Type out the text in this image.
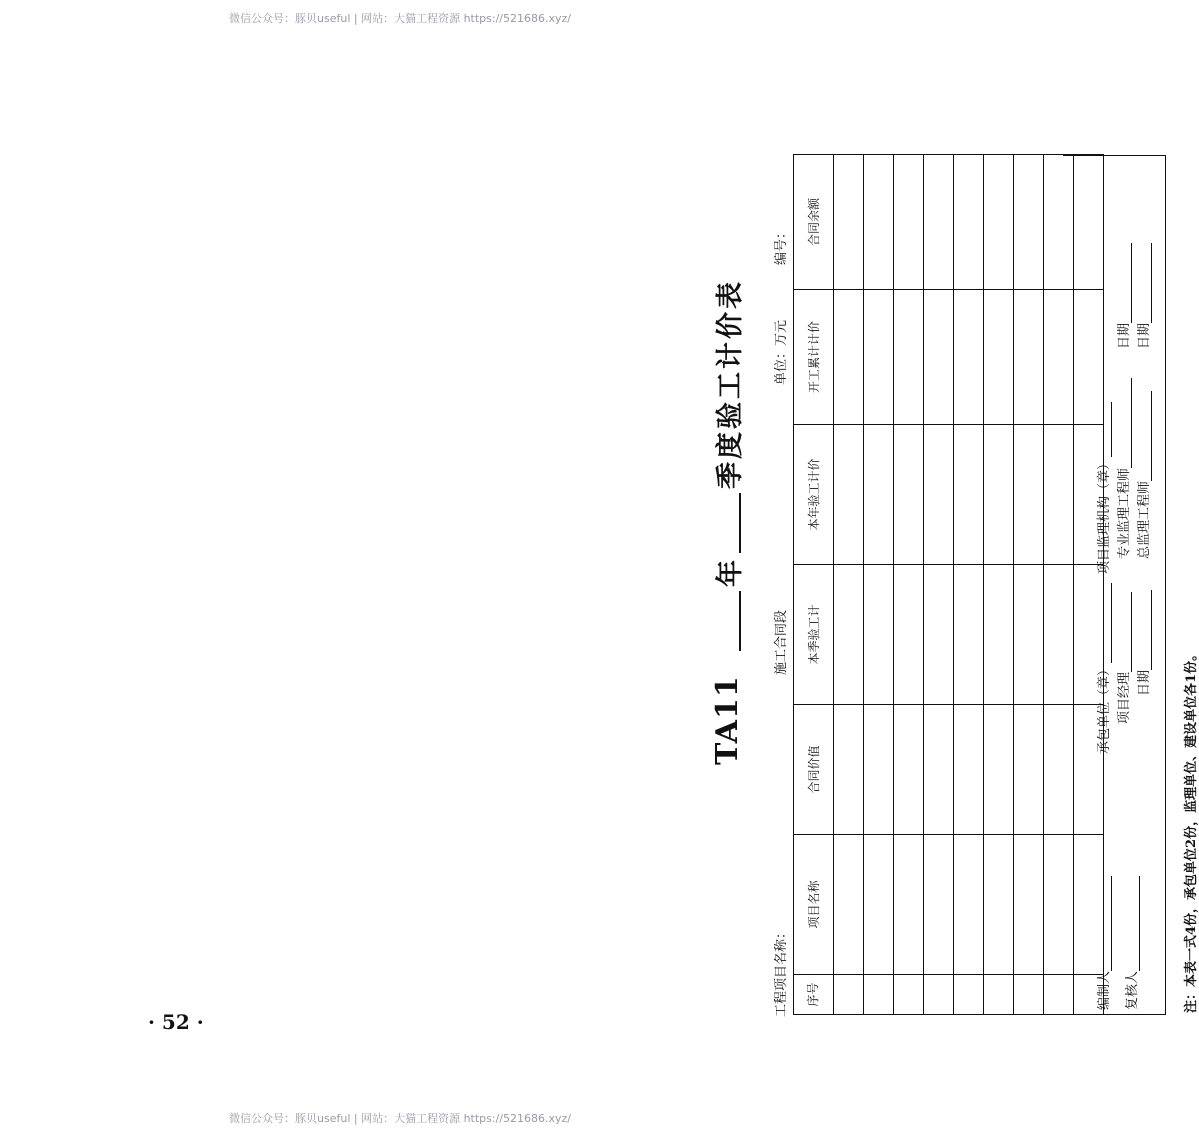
微信公众号：豚贝useful | 网站：大猫工程资源 https://521686.xyz/
TA11
年
季度验工计价表
工程项目名称：
施工合同段
单位：万元
编号：
序号	项目名称	合同价值	本季验工计	本年验工计价	开工累计计价	合同余额

编制人	复核人
承包单位（章） 项目经理 日期
项目监理机构（章） 专业监理工程师 总监理工程师
日期 日期
注：本表一式4份，承包单位2份，监理单位、建设单位各1份。
· 52 ·
微信公众号：豚贝useful | 网站：大猫工程资源 https://521686.xyz/
